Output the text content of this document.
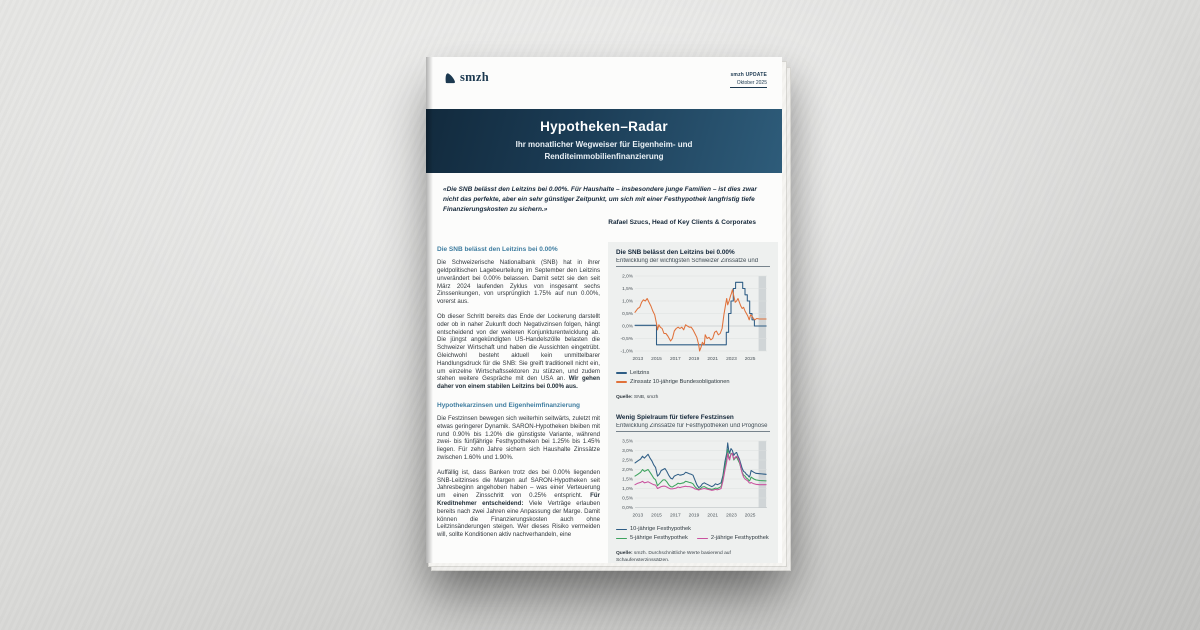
smzh	smzh UPDATE
Oktober 2025
Hypotheken–Radar
Ihr monatlicher Wegweiser für Eigenheim- und Renditeimmobilienfinanzierung
«Die SNB belässt den Leitzins bei 0.00%. Für Haushalte – insbesondere junge Familien – ist dies zwar nicht das perfekte, aber ein sehr günstiger Zeitpunkt, um sich mit einer Festhypothek langfristig tiefe Finanzierungskosten zu sichern.»
Rafael Szucs, Head of Key Clients & Corporates
Die SNB belässt den Leitzins bei 0.00%

Die Schweizerische Nationalbank (SNB) hat in ihrer geldpolitischen Lagebeurteilung im September den Leitzins unverändert bei 0.00% belassen. Damit setzt sie den seit März 2024 laufenden Zyklus von insgesamt sechs Zinssenkungen, von ursprünglich 1.75% auf nun 0.00%, vorerst aus.

Ob dieser Schritt bereits das Ende der Lockerung darstellt oder ob in naher Zukunft doch Negativzinsen folgen, hängt entscheidend von der weiteren Konjunkturentwicklung ab. Die jüngst angekündigten US-Handelszölle belasten die Schweizer Wirtschaft und haben die Aussichten eingetrübt. Gleichwohl besteht aktuell kein unmittelbarer Handlungsdruck für die SNB: Sie greift traditionell nicht ein, um einzelne Wirtschaftssektoren zu stützen, und zudem stehen weitere Gespräche mit den USA an. Wir gehen daher von einem stabilen Leitzins bei 0.00% aus.

Hypothekarzinsen und Eigenheimfinanzierung

Die Festzinsen bewegen sich weiterhin seitwärts, zuletzt mit etwas geringerer Dynamik. SARON-Hypotheken bleiben mit rund 0.90% bis 1.20% die günstigste Variante, während zwei- bis fünfjährige Festhypotheken bei 1.25% bis 1.45% liegen. Für zehn Jahre sichern sich Haushalte Zinssätze zwischen 1.60% und 1.90%.

Auffällig ist, dass Banken trotz des bei 0.00% liegenden SNB-Leitzinses die Margen auf SARON-Hypotheken seit Jahresbeginn angehoben haben – was einer Verteuerung um einen Zinsschritt von 0.25% entspricht. Für Kreditnehmer entscheidend: Viele Verträge erlauben bereits nach zwei Jahren eine Anpassung der Marge. Damit können die Finanzierungskosten auch ohne Leitzinsänderungen steigen. Wer dieses Risiko vermeiden will, sollte Konditionen aktiv nachverhandeln, eine

Die SNB belässt den Leitzins bei 0.00%
Entwicklung der wichtigsten Schweizer Zinssätze und
2,0%
1,5%
1,0%
0,5%
0,0%
-0,5%
-1,0%
2013 2015 2017 2019 2021 2023 2025
Leitzins
Zinssatz 10-jährige Bundesobligationen
Quelle: SNB, smzh
Wenig Spielraum für tiefere Festzinsen
Entwicklung Zinssätze für Festhypotheken und Prognose
3,5%
3,0%
2,5%
2,0%
1,5%
1,0%
0,5%
0,0%
2013 2015 2017 2019 2021 2023 2025
10-jährige Festhypothek
5-jährige Festhypothek	2-jährige Festhypothek
Quelle: smzh. Durchschnittliche Werte basierend auf Schaufensterzinssätzen.
